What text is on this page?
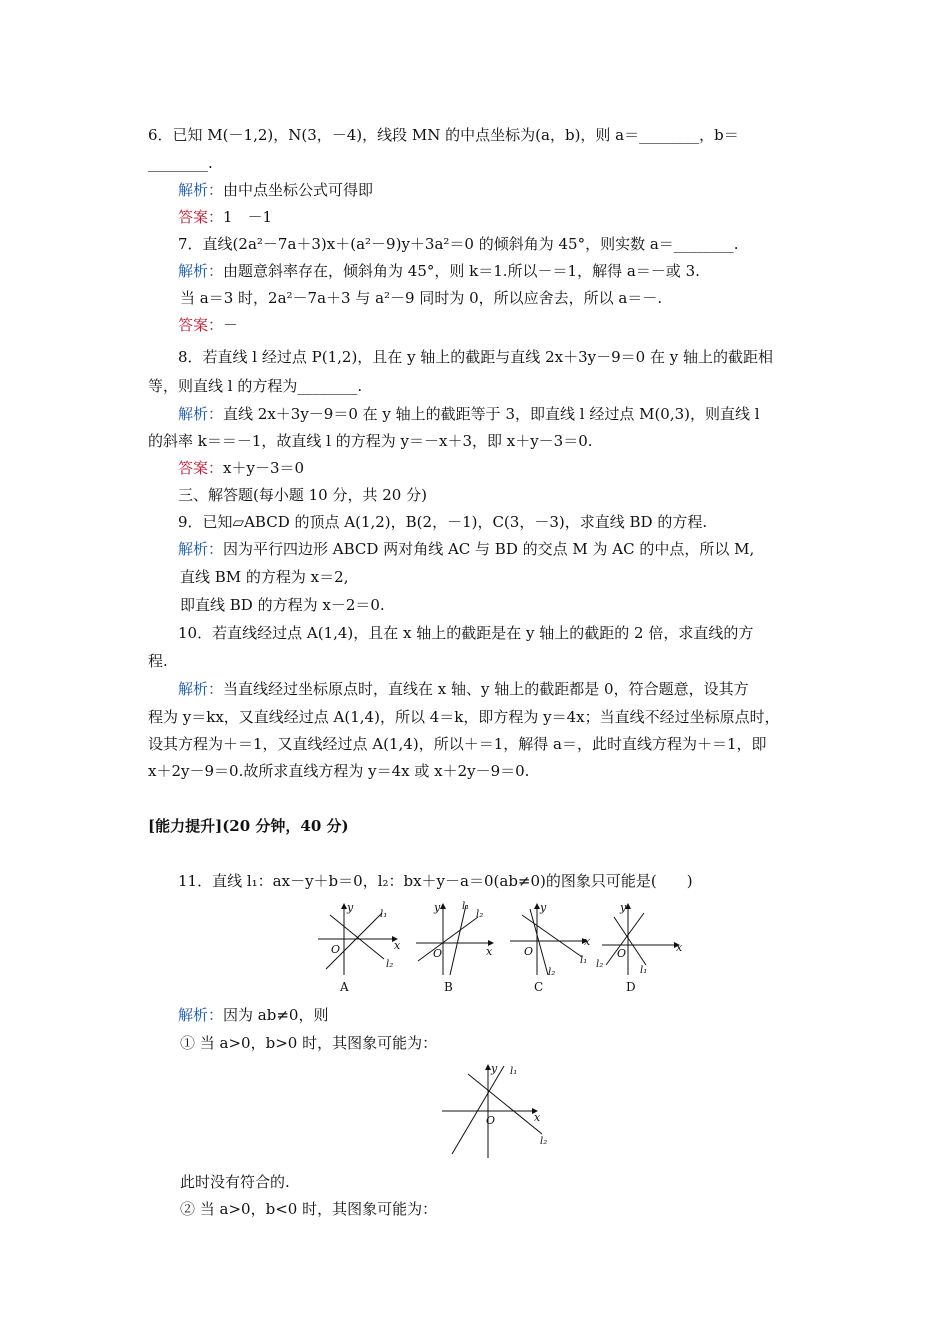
6．已知 M(－1,2)，N(3，－4)，线段 MN 的中点坐标为(a，b)，则 a＝________，b＝
________.
解析：由中点坐标公式可得即
答案：1　－1
7．直线(2a²－7a＋3)x＋(a²－9)y＋3a²＝0 的倾斜角为 45°，则实数 a＝________.
解析：由题意斜率存在，倾斜角为 45°，则 k＝1.所以－＝1，解得 a＝－或 3.
当 a＝3 时，2a²－7a＋3 与 a²－9 同时为 0，所以应舍去，所以 a＝－.
答案：－
8．若直线 l 经过点 P(1,2)，且在 y 轴上的截距与直线 2x＋3y－9＝0 在 y 轴上的截距相
等，则直线 l 的方程为________.
解析：直线 2x＋3y－9＝0 在 y 轴上的截距等于 3，即直线 l 经过点 M(0,3)，则直线 l
的斜率 k＝＝－1，故直线 l 的方程为 y＝－x＋3，即 x＋y－3＝0.
答案：x＋y－3＝0
三、解答题(每小题 10 分，共 20 分)
9．已知▱ABCD 的顶点 A(1,2)，B(2，－1)，C(3，－3)，求直线 BD 的方程.
解析：因为平行四边形 ABCD 两对角线 AC 与 BD 的交点 M 为 AC 的中点，所以 M,
直线 BM 的方程为 x＝2,
即直线 BD 的方程为 x－2＝0.
10．若直线经过点 A(1,4)，且在 x 轴上的截距是在 y 轴上的截距的 2 倍，求直线的方
程.
解析：当直线经过坐标原点时，直线在 x 轴、y 轴上的截距都是 0，符合题意，设其方
程为 y＝kx，又直线经过点 A(1,4)，所以 4＝k，即方程为 y＝4x；当直线不经过坐标原点时，
设其方程为＋＝1，又直线经过点 A(1,4)，所以＋＝1，解得 a＝，此时直线方程为＋＝1，即
x＋2y－9＝0.故所求直线方程为 y＝4x 或 x＋2y－9＝0.
[能力提升](20 分钟，40 分)
11．直线 l₁：ax－y＋b＝0，l₂：bx＋y－a＝0(ab≠0)的图象只可能是(　　)
y
x
O
l₁
l₂
A
y
x
O
l₁
l₂
B
y
x
O
l₁
l₂
C
y
x
O
l₁
l₂
D
解析：因为 ab≠0，则
① 当 a>0，b>0 时，其图象可能为：
y
x
O
l₁
l₂
此时没有符合的.
② 当 a>0，b<0 时，其图象可能为：
